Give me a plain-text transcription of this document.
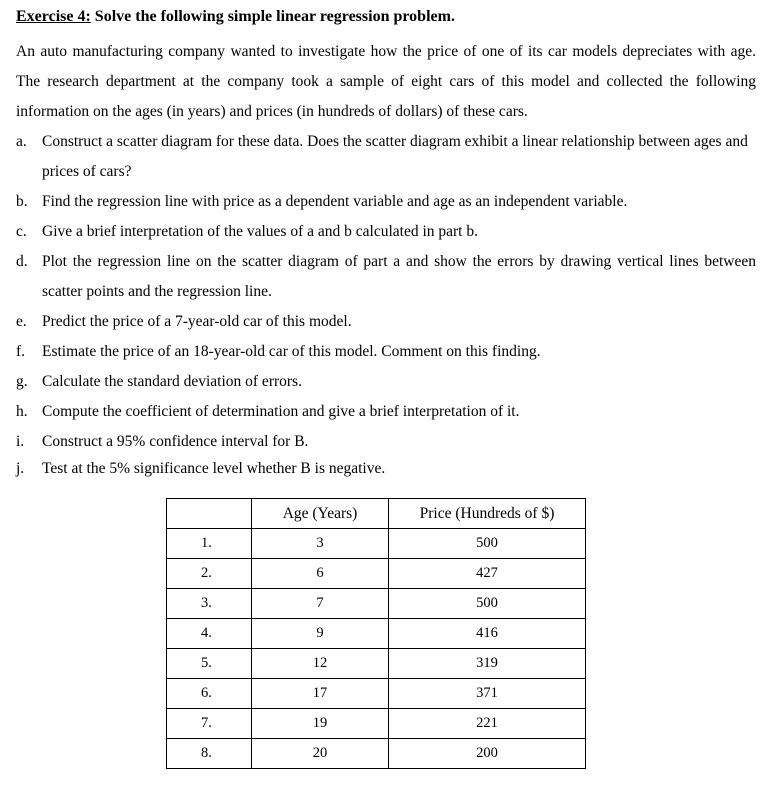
Exercise 4: Solve the following simple linear regression problem.
An auto manufacturing company wanted to investigate how the price of one of its car models depreciates with age. The research department at the company took a sample of eight cars of this model and collected the following information on the ages (in years) and prices (in hundreds of dollars) of these cars.
a. Construct a scatter diagram for these data. Does the scatter diagram exhibit a linear relationship between ages and prices of cars?
b. Find the regression line with price as a dependent variable and age as an independent variable.
c. Give a brief interpretation of the values of a and b calculated in part b.
d. Plot the regression line on the scatter diagram of part a and show the errors by drawing vertical lines between scatter points and the regression line.
e. Predict the price of a 7-year-old car of this model.
f.	Estimate the price of an 18-year-old car of this model. Comment on this finding.
g. Calculate the standard deviation of errors.
h. Compute the coefficient of determination and give a brief interpretation of it.
i.	Construct a 95% confidence interval for B.
j.	Test at the 5% significance level whether B is negative.
	Age (Years)	Price (Hundreds of $)
1.	3	500
2.	6	427
3.	7	500
4.	9	416
5.	12	319
6.	17	371
7.	19	221
8.	20	200
